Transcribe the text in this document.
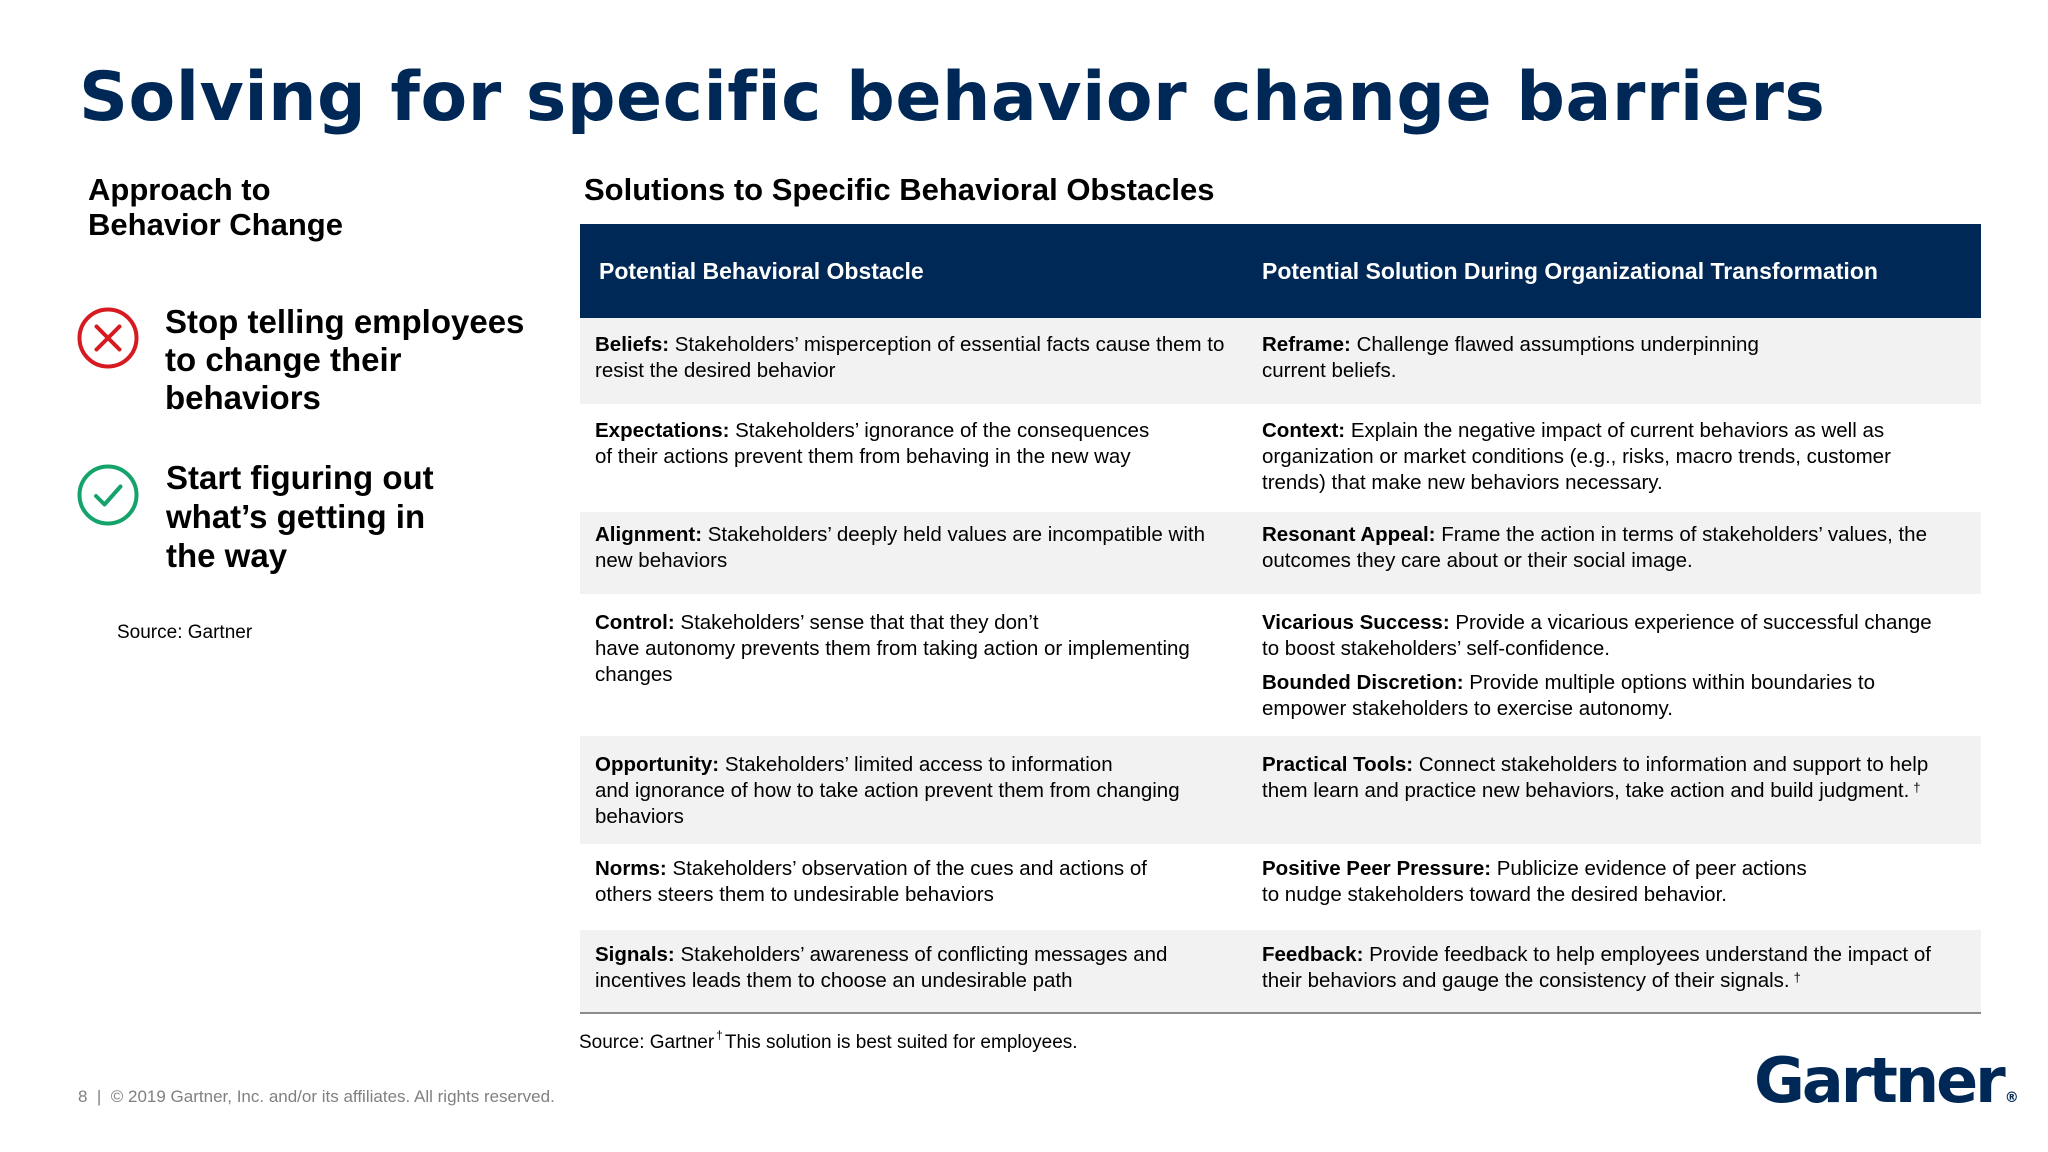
Solving for specific behavior change barriers
Approach to
Behavior Change
Stop telling employees
to change their
behaviors
Start figuring out
what’s getting in
the way
Source: Gartner
Solutions to Specific Behavioral Obstacles
Potential Behavioral Obstacle	Potential Solution During Organizational Transformation
Beliefs: Stakeholders’ misperception of essential facts cause them to
resist the desired behavior
Reframe: Challenge flawed assumptions underpinning
current beliefs.
Expectations: Stakeholders’ ignorance of the consequences
of their actions prevent them from behaving in the new way
Context: Explain the negative impact of current behaviors as well as
organization or market conditions (e.g., risks, macro trends, customer
trends) that make new behaviors necessary.
Alignment: Stakeholders’ deeply held values are incompatible with
new behaviors
Resonant Appeal: Frame the action in terms of stakeholders’ values, the
outcomes they care about or their social image.
Control: Stakeholders’ sense that that they don’t
have autonomy prevents them from taking action or implementing
changes
Vicarious Success: Provide a vicarious experience of successful change
to boost stakeholders’ self-confidence.
Bounded Discretion: Provide multiple options within boundaries to
empower stakeholders to exercise autonomy.
Opportunity: Stakeholders’ limited access to information
and ignorance of how to take action prevent them from changing
behaviors
Practical Tools: Connect stakeholders to information and support to help
them learn and practice new behaviors, take action and build judgment. †
Norms: Stakeholders’ observation of the cues and actions of
others steers them to undesirable behaviors
Positive Peer Pressure: Publicize evidence of peer actions
to nudge stakeholders toward the desired behavior.
Signals: Stakeholders’ awareness of conflicting messages and
incentives leads them to choose an undesirable path
Feedback: Provide feedback to help employees understand the impact of
their behaviors and gauge the consistency of their signals. †
Source: Gartner † This solution is best suited for employees.
8  |  © 2019 Gartner, Inc. and/or its affiliates. All rights reserved.	Gartner ®
